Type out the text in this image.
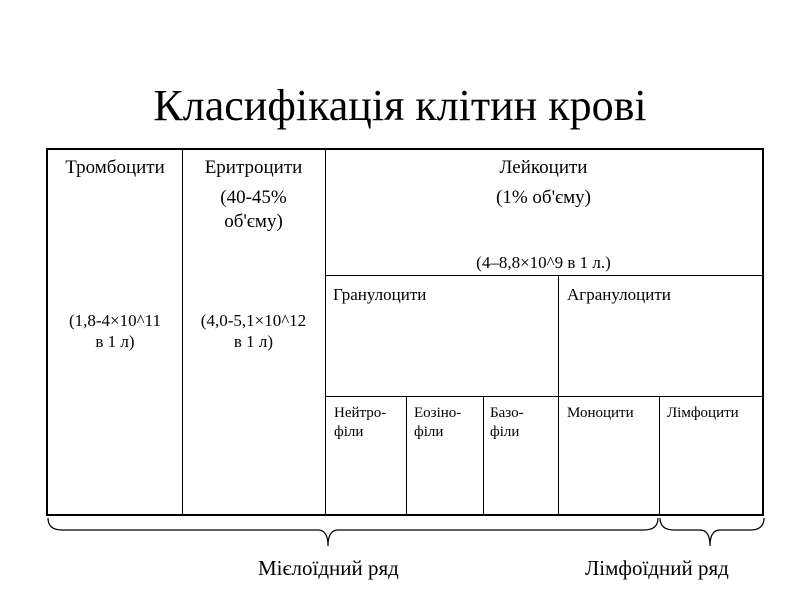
Класифікація клітин крові
Тромбоцити
(1,8-4×10^11
в 1 л)
Еритроцити
(40-45%
об'єму)
(4,0-5,1×10^12
в 1 л)
Лейкоцити
(1% об'єму)
(4–8,8×10^9 в 1 л.)
Гранулоцити	Агранулоцити
Нейтро-
філи
Еозіно-
філи
Базо-
філи
Моноцити Лімфоцити
Мієлоїдний ряд	Лімфоїдний ряд
